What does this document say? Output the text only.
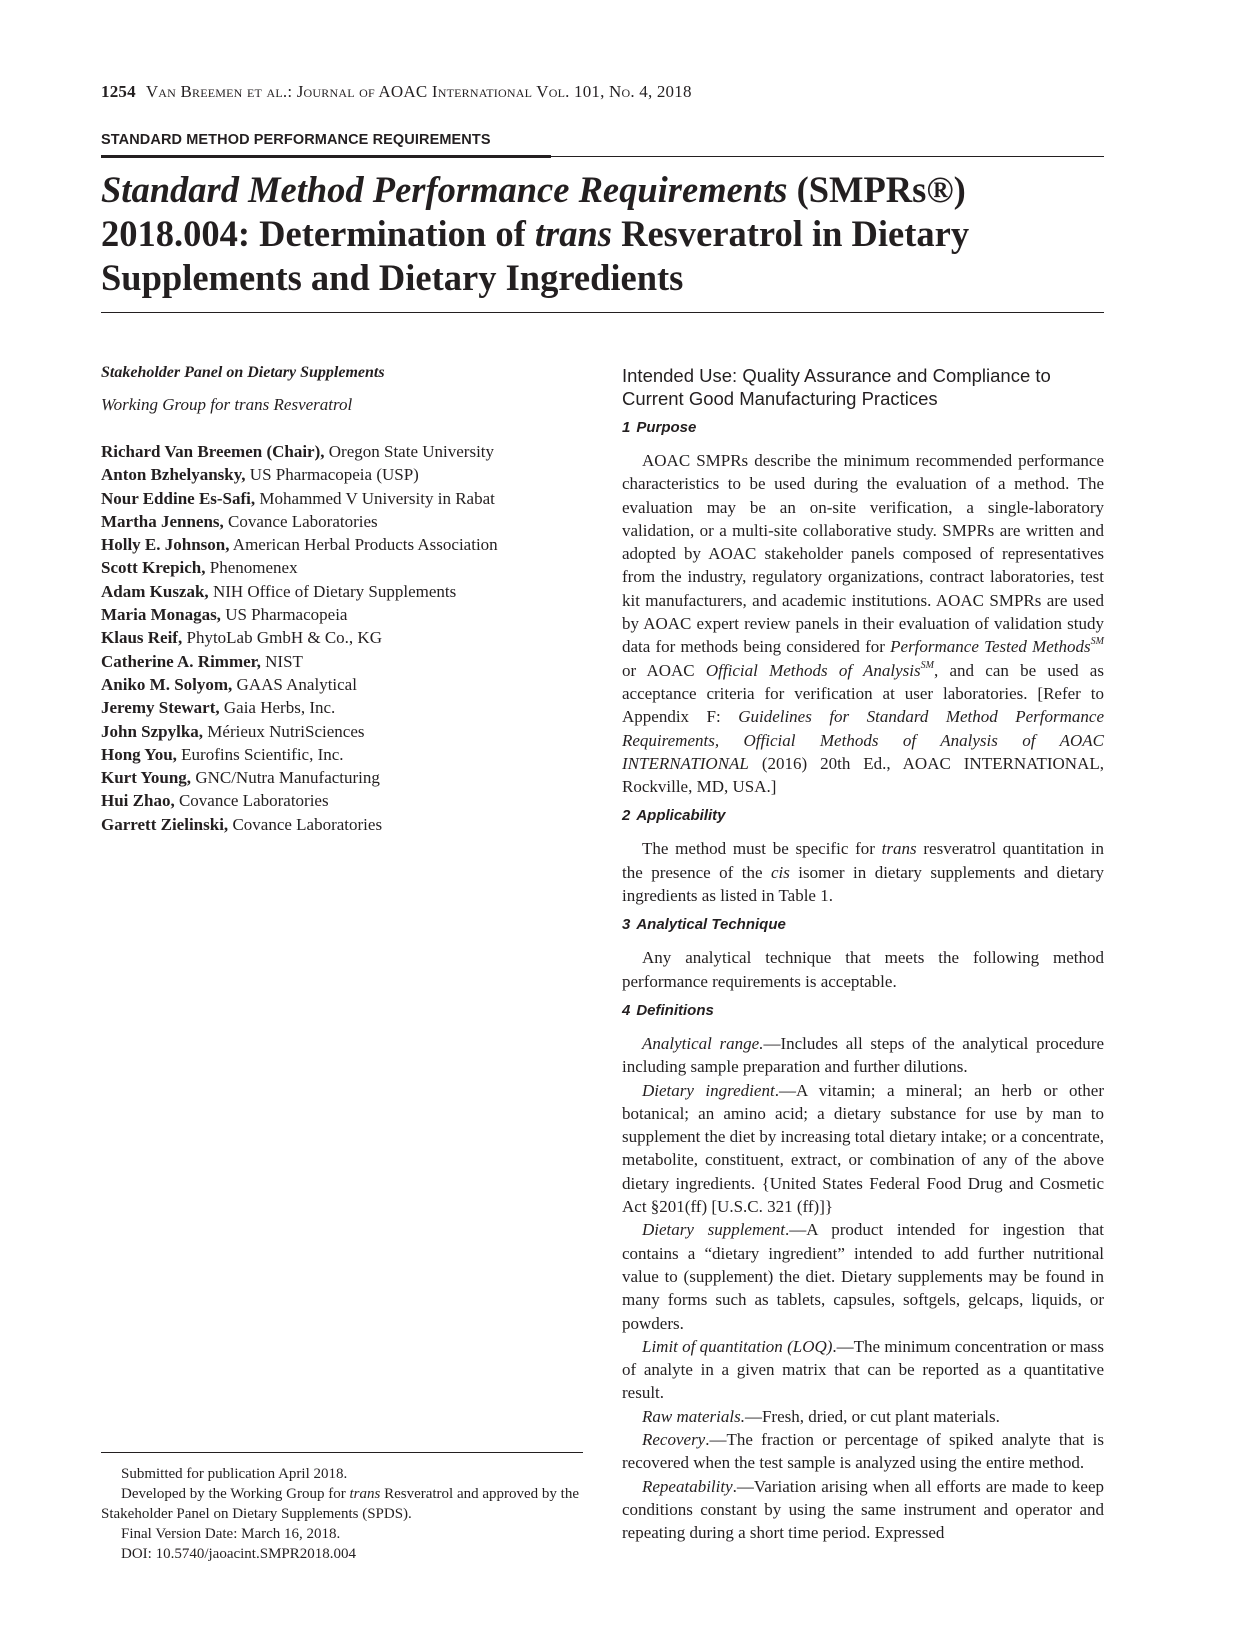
1254 Van Breemen et al.: Journal of AOAC International Vol. 101, No. 4, 2018
STANDARD METHOD PERFORMANCE REQUIREMENTS
Standard Method Performance Requirements (SMPRs®) 2018.004: Determination of trans Resveratrol in Dietary Supplements and Dietary Ingredients
Stakeholder Panel on Dietary Supplements
Working Group for trans Resveratrol
Richard Van Breemen (Chair), Oregon State University
Anton Bzhelyansky, US Pharmacopeia (USP)
Nour Eddine Es-Safi, Mohammed V University in Rabat
Martha Jennens, Covance Laboratories
Holly E. Johnson, American Herbal Products Association
Scott Krepich, Phenomenex
Adam Kuszak, NIH Office of Dietary Supplements
Maria Monagas, US Pharmacopeia
Klaus Reif, PhytoLab GmbH & Co., KG
Catherine A. Rimmer, NIST
Aniko M. Solyom, GAAS Analytical
Jeremy Stewart, Gaia Herbs, Inc.
John Szpylka, Mérieux NutriSciences
Hong You, Eurofins Scientific, Inc.
Kurt Young, GNC/Nutra Manufacturing
Hui Zhao, Covance Laboratories
Garrett Zielinski, Covance Laboratories
Submitted for publication April 2018.
Developed by the Working Group for trans Resveratrol and approved by the Stakeholder Panel on Dietary Supplements (SPDS).
Final Version Date: March 16, 2018.
DOI: 10.5740/jaoacint.SMPR2018.004
Intended Use: Quality Assurance and Compliance to Current Good Manufacturing Practices
1 Purpose

AOAC SMPRs describe the minimum recommended performance characteristics to be used during the evaluation of a method. The evaluation may be an on-site verification, a single-laboratory validation, or a multi-site collaborative study. SMPRs are written and adopted by AOAC stakeholder panels composed of representatives from the industry, regulatory organizations, contract laboratories, test kit manufacturers, and academic institutions. AOAC SMPRs are used by AOAC expert review panels in their evaluation of validation study data for methods being considered for Performance Tested Methods℠ or AOAC Official Methods of Analysis℠, and can be used as acceptance criteria for verification at user laboratories. [Refer to Appendix F: Guidelines for Standard Method Performance Requirements, Official Methods of Analysis of AOAC INTERNATIONAL (2016) 20th Ed., AOAC INTERNATIONAL, Rockville, MD, USA.]

2 Applicability

The method must be specific for trans resveratrol quantitation in the presence of the cis isomer in dietary supplements and dietary ingredients as listed in Table 1.

3 Analytical Technique

Any analytical technique that meets the following method performance requirements is acceptable.

4 Definitions

Analytical range.—Includes all steps of the analytical procedure including sample preparation and further dilutions.

Dietary ingredient.—A vitamin; a mineral; an herb or other botanical; an amino acid; a dietary substance for use by man to supplement the diet by increasing total dietary intake; or a concentrate, metabolite, constituent, extract, or combination of any of the above dietary ingredients. {United States Federal Food Drug and Cosmetic Act §201(ff) [U.S.C. 321 (ff)]}

Dietary supplement.—A product intended for ingestion that contains a “dietary ingredient” intended to add further nutritional value to (supplement) the diet. Dietary supplements may be found in many forms such as tablets, capsules, softgels, gelcaps, liquids, or powders.

Limit of quantitation (LOQ).—The minimum concentration or mass of analyte in a given matrix that can be reported as a quantitative result.

Raw materials.—Fresh, dried, or cut plant materials.

Recovery.—The fraction or percentage of spiked analyte that is recovered when the test sample is analyzed using the entire method.

Repeatability.—Variation arising when all efforts are made to keep conditions constant by using the same instrument and operator and repeating during a short time period. Expressed
